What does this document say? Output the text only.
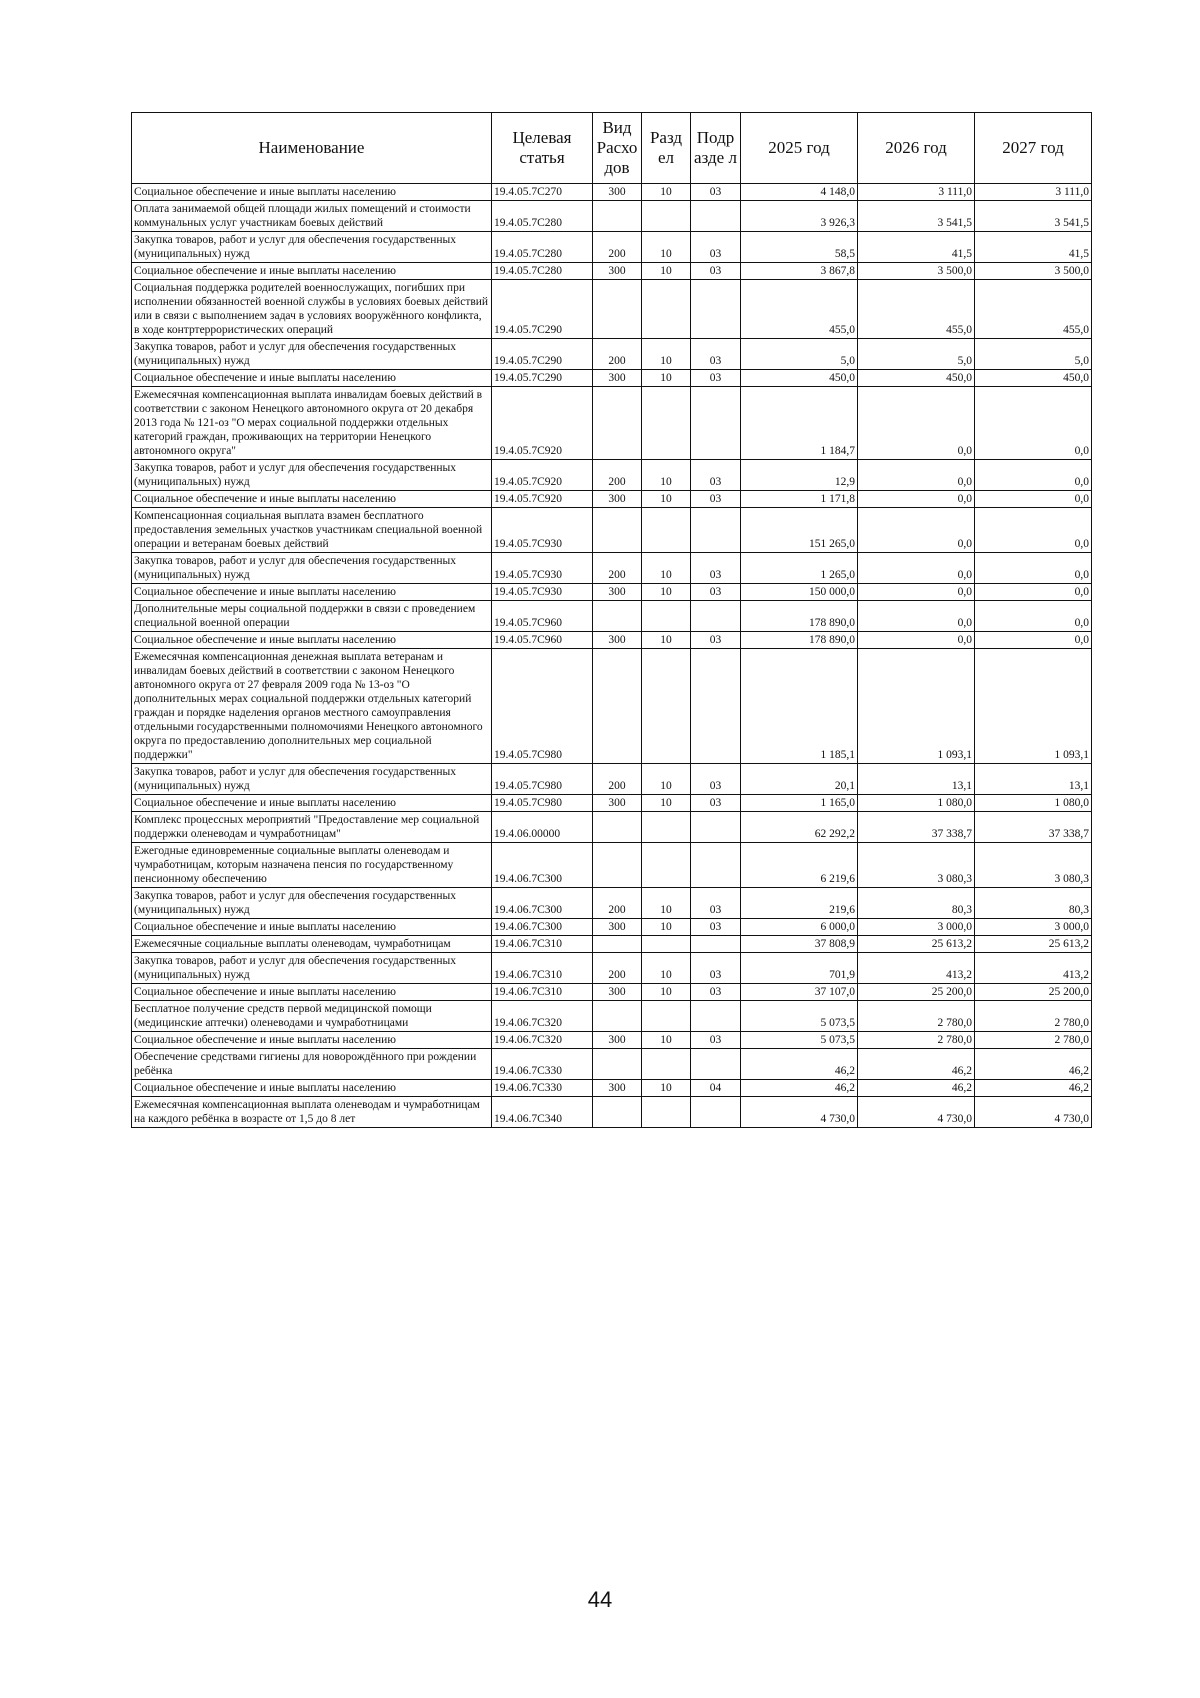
Наименование	Целевая статья	Вид Расхо дов	Разд ел	Подр азде л	2025 год	2026 год	2027 год
Социальное обеспечение и иные выплаты населению	19.4.05.7С270	300	10	03	4 148,0	3 111,0	3 111,0
Оплата занимаемой общей площади жилых помещений и стоимости коммунальных услуг участникам боевых действий	19.4.05.7С280				3 926,3	3 541,5	3 541,5
Закупка товаров, работ и услуг для обеспечения государственных (муниципальных) нужд	19.4.05.7С280	200	10	03	58,5	41,5	41,5
Социальное обеспечение и иные выплаты населению	19.4.05.7С280	300	10	03	3 867,8	3 500,0	3 500,0
Социальная поддержка родителей военнослужащих, погибших при исполнении обязанностей военной службы в условиях боевых действий или в связи с выполнением задач в условиях вооружённого конфликта, в ходе контртеррористических операций	19.4.05.7С290				455,0	455,0	455,0
Закупка товаров, работ и услуг для обеспечения государственных (муниципальных) нужд	19.4.05.7С290	200	10	03	5,0	5,0	5,0
Социальное обеспечение и иные выплаты населению	19.4.05.7С290	300	10	03	450,0	450,0	450,0
Ежемесячная компенсационная выплата инвалидам боевых действий в соответствии с законом Ненецкого автономного округа от 20 декабря 2013 года № 121-оз "О мерах социальной поддержки отдельных категорий граждан, проживающих на территории Ненецкого автономного округа"	19.4.05.7С920				1 184,7	0,0	0,0
Закупка товаров, работ и услуг для обеспечения государственных (муниципальных) нужд	19.4.05.7С920	200	10	03	12,9	0,0	0,0
Социальное обеспечение и иные выплаты населению	19.4.05.7С920	300	10	03	1 171,8	0,0	0,0
Компенсационная социальная выплата взамен бесплатного предоставления земельных участков участникам специальной военной операции и ветеранам боевых действий	19.4.05.7С930				151 265,0	0,0	0,0
Закупка товаров, работ и услуг для обеспечения государственных (муниципальных) нужд	19.4.05.7С930	200	10	03	1 265,0	0,0	0,0
Социальное обеспечение и иные выплаты населению	19.4.05.7С930	300	10	03	150 000,0	0,0	0,0
Дополнительные меры социальной поддержки в связи с проведением специальной военной операции	19.4.05.7С960				178 890,0	0,0	0,0
Социальное обеспечение и иные выплаты населению	19.4.05.7С960	300	10	03	178 890,0	0,0	0,0
Ежемесячная компенсационная денежная выплата ветеранам и инвалидам боевых действий в соответствии с законом Ненецкого автономного округа от 27 февраля 2009 года № 13-оз "О дополнительных мерах социальной поддержки отдельных категорий граждан и порядке наделения органов местного самоуправления отдельными государственными полномочиями Ненецкого автономного округа по предоставлению дополнительных мер социальной поддержки"	19.4.05.7С980				1 185,1	1 093,1	1 093,1
Закупка товаров, работ и услуг для обеспечения государственных (муниципальных) нужд	19.4.05.7С980	200	10	03	20,1	13,1	13,1
Социальное обеспечение и иные выплаты населению	19.4.05.7С980	300	10	03	1 165,0	1 080,0	1 080,0
Комплекс процессных мероприятий "Предоставление мер социальной поддержки оленеводам и чумработницам"	19.4.06.00000				62 292,2	37 338,7	37 338,7
Ежегодные единовременные социальные выплаты оленеводам и чумработницам, которым назначена пенсия по государственному пенсионному обеспечению	19.4.06.7С300				6 219,6	3 080,3	3 080,3
Закупка товаров, работ и услуг для обеспечения государственных (муниципальных) нужд	19.4.06.7С300	200	10	03	219,6	80,3	80,3
Социальное обеспечение и иные выплаты населению	19.4.06.7С300	300	10	03	6 000,0	3 000,0	3 000,0
Ежемесячные социальные выплаты оленеводам, чумработницам	19.4.06.7С310				37 808,9	25 613,2	25 613,2
Закупка товаров, работ и услуг для обеспечения государственных (муниципальных) нужд	19.4.06.7С310	200	10	03	701,9	413,2	413,2
Социальное обеспечение и иные выплаты населению	19.4.06.7С310	300	10	03	37 107,0	25 200,0	25 200,0
Бесплатное получение средств первой медицинской помощи (медицинские аптечки) оленеводами и чумработницами	19.4.06.7С320				5 073,5	2 780,0	2 780,0
Социальное обеспечение и иные выплаты населению	19.4.06.7С320	300	10	03	5 073,5	2 780,0	2 780,0
Обеспечение средствами гигиены для новорождённого при рождении ребёнка	19.4.06.7С330				46,2	46,2	46,2
Социальное обеспечение и иные выплаты населению	19.4.06.7С330	300	10	04	46,2	46,2	46,2
Ежемесячная компенсационная выплата оленеводам и чумработницам на каждого ребёнка в возрасте от 1,5 до 8 лет	19.4.06.7С340				4 730,0	4 730,0	4 730,0
44
